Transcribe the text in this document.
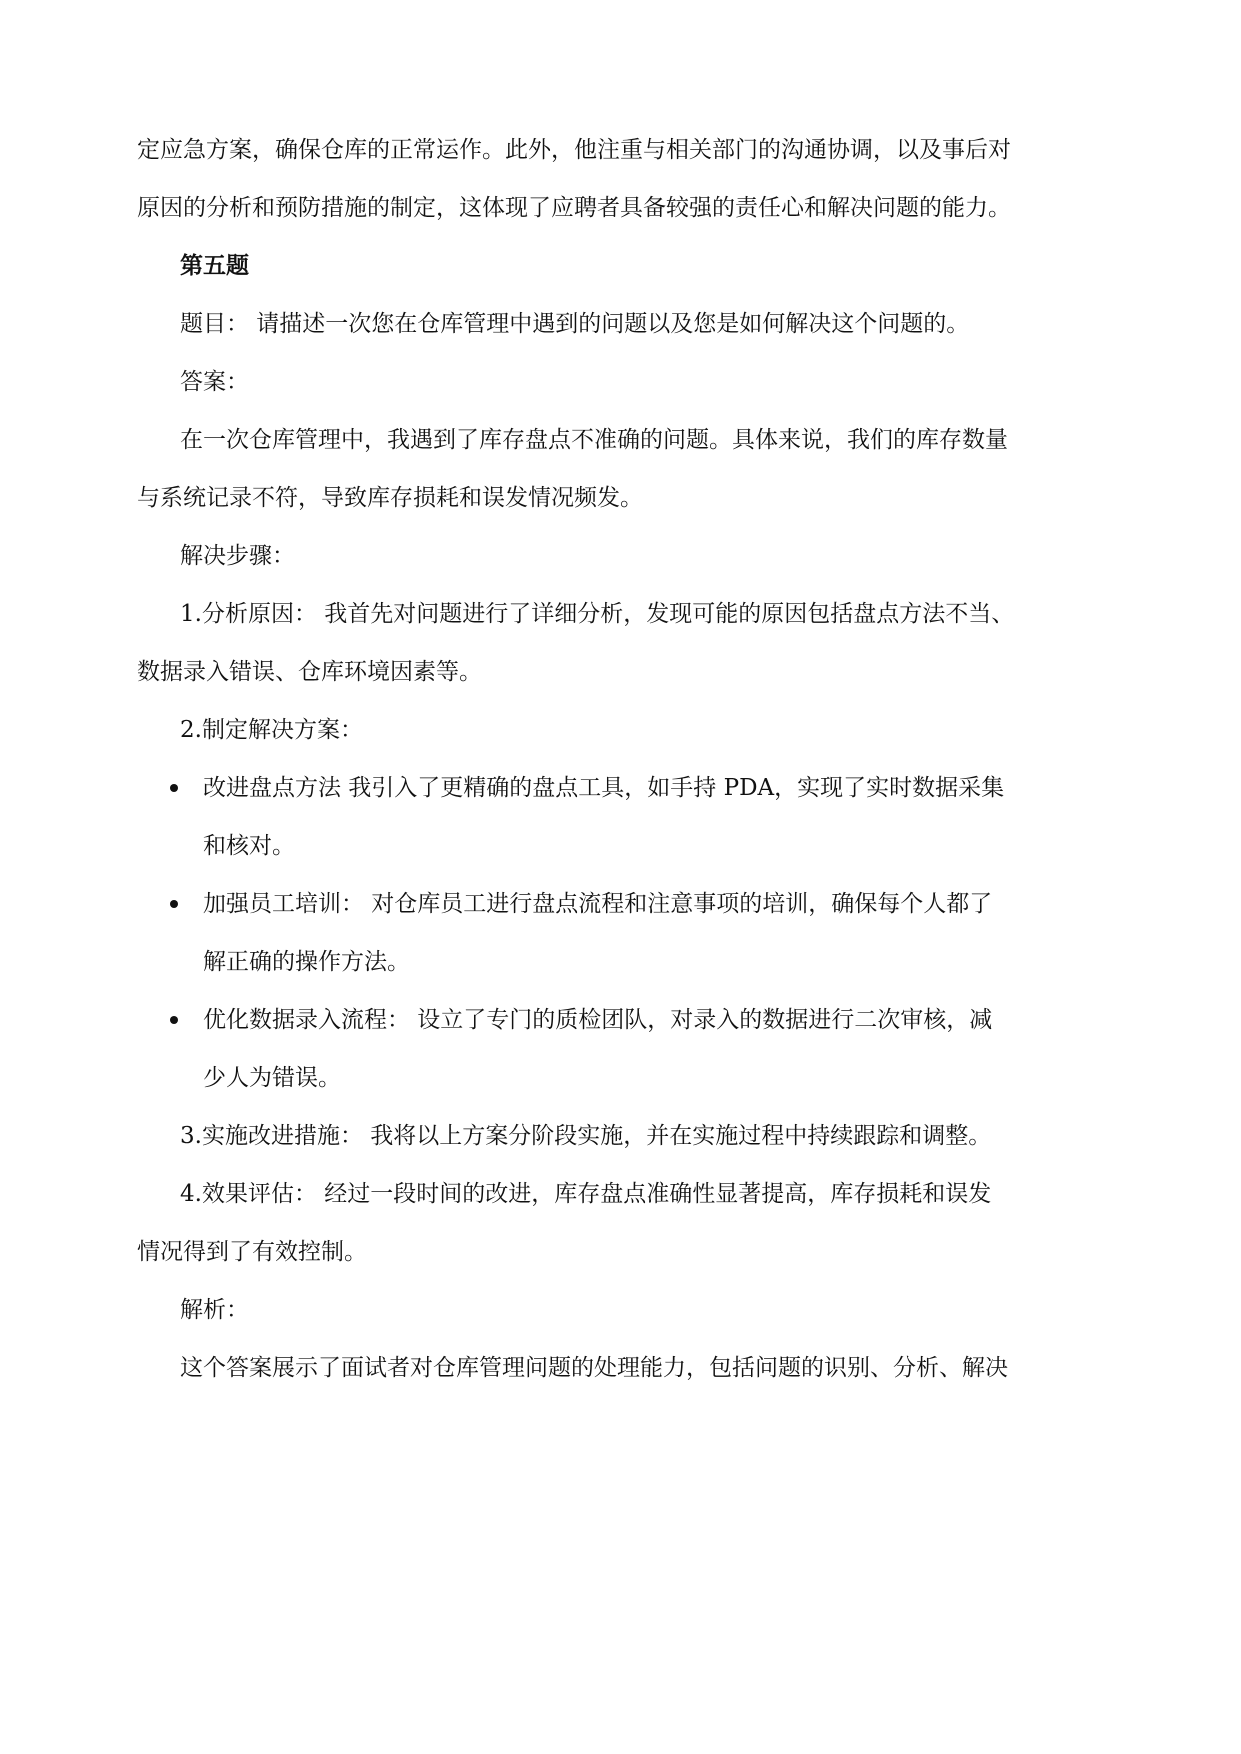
定应急方案，确保仓库的正常运作。此外，他注重与相关部门的沟通协调，以及事后对
原因的分析和预防措施的制定，这体现了应聘者具备较强的责任心和解决问题的能力。
第五题
题目： 请描述一次您在仓库管理中遇到的问题以及您是如何解决这个问题的。
答案：
在一次仓库管理中，我遇到了库存盘点不准确的问题。具体来说，我们的库存数量
与系统记录不符，导致库存损耗和误发情况频发。
解决步骤：
1.分析原因： 我首先对问题进行了详细分析，发现可能的原因包括盘点方法不当、
数据录入错误、仓库环境因素等。
2.制定解决方案：
改进盘点方法 我引入了更精确的盘点工具，如手持 PDA，实现了实时数据采集
和核对。
加强员工培训： 对仓库员工进行盘点流程和注意事项的培训，确保每个人都了
解正确的操作方法。
优化数据录入流程： 设立了专门的质检团队，对录入的数据进行二次审核，减
少人为错误。
3.实施改进措施： 我将以上方案分阶段实施，并在实施过程中持续跟踪和调整。
4.效果评估： 经过一段时间的改进，库存盘点准确性显著提高，库存损耗和误发
情况得到了有效控制。
解析：
这个答案展示了面试者对仓库管理问题的处理能力，包括问题的识别、分析、解决
